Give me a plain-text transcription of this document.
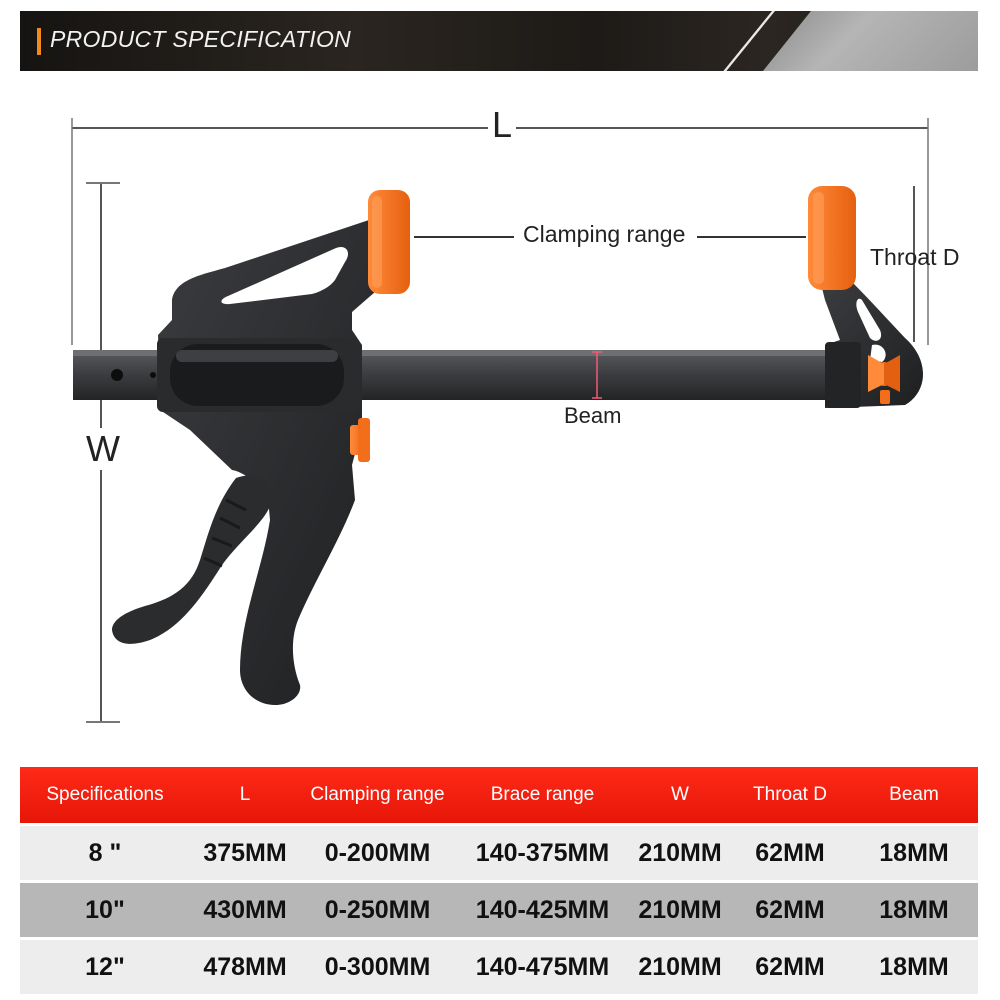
PRODUCT SPECIFICATION
L
W
Clamping range
Throat D
Beam
Specifications	L	Clamping range	Brace range	W	Throat D	Beam
8 "	375MM	0-200MM	140-375MM	210MM	62MM	18MM
10"	430MM	0-250MM	140-425MM	210MM	62MM	18MM
12"	478MM	0-300MM	140-475MM	210MM	62MM	18MM
